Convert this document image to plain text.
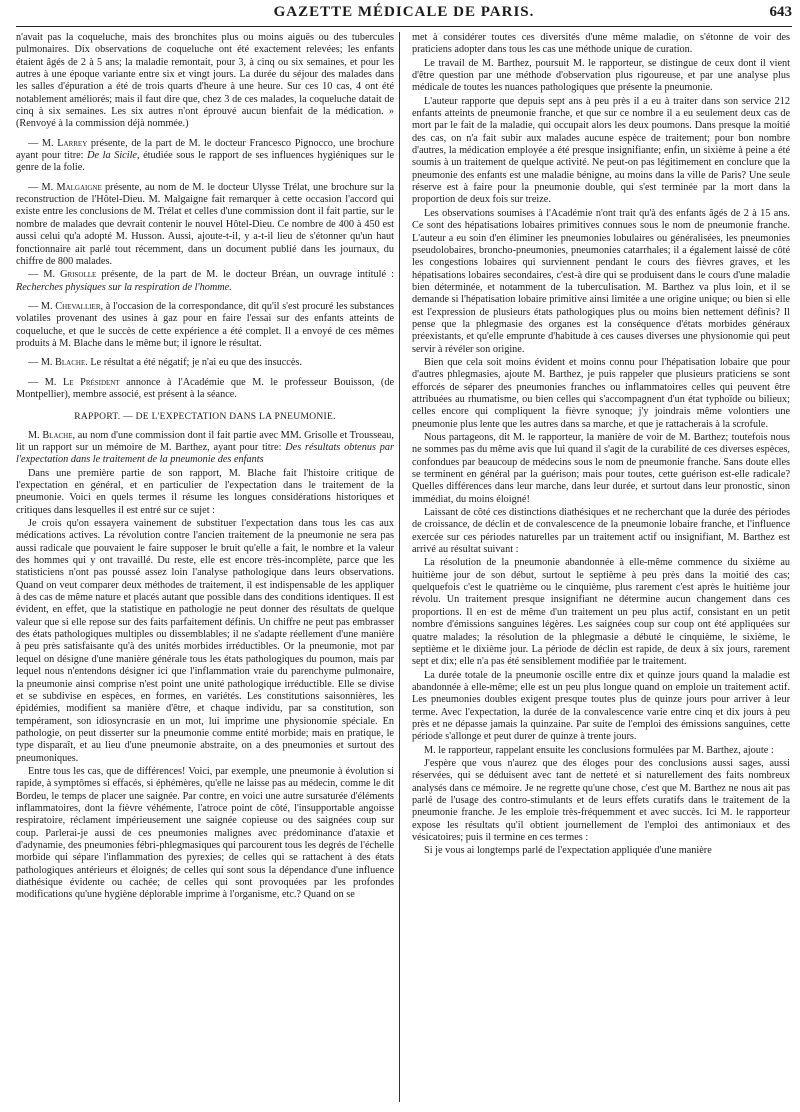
GAZETTE MÉDICALE DE PARIS.	643

n'avait pas la coqueluche, mais des bronchites plus ou moins aiguës ou des tubercules pulmonaires. Dix observations de coqueluche ont été exactement relevées; les enfants étaient âgés de 2 à 5 ans; la maladie remontait, pour 3, à cinq ou six semaines, et pour les autres à une époque variante entre six et vingt jours. La durée du séjour des malades dans les salles d'épuration a été de trois quarts d'heure à une heure. Sur ces 10 cas, 4 ont été notablement améliorés; mais il faut dire que, chez 3 de ces malades, la coqueluche datait de cinq à six semaines. Les six autres n'ont éprouvé aucun bienfait de la médication. » (Renvoyé à la commission déjà nommée.)

— M. Larrey présente, de la part de M. le docteur Francesco Pignocco, une brochure ayant pour titre: De la Sicile, étudiée sous le rapport de ses influences hygiéniques sur le genre de la folie.

— M. Malgaigne présente, au nom de M. le docteur Ulysse Trélat, une brochure sur la reconstruction de l'Hôtel-Dieu. M. Malgaigne fait remarquer à cette occasion l'accord qui existe entre les conclusions de M. Trélat et celles d'une commission dont il fait partie, sur le nombre de malades que devrait contenir le nouvel Hôtel-Dieu. Ce nombre de 400 à 450 est aussi celui qu'a adopté M. Husson. Aussi, ajoute-t-il, y a-t-il lieu de s'étonner qu'un haut fonctionnaire ait parlé tout récemment, dans un document publié dans les journaux, du chiffre de 800 malades.

— M. Grisolle présente, de la part de M. le docteur Bréan, un ouvrage intitulé : Recherches physiques sur la respiration de l'homme.

— M. Chevallier, à l'occasion de la correspondance, dit qu'il s'est procuré les substances volatiles provenant des usines à gaz pour en faire l'essai sur des enfants atteints de coqueluche, et que le succès de cette expérience a été complet. Il a envoyé de ces mêmes produits à M. Blache dans le même but; il ignore le résultat.

— M. Blache. Le résultat a été négatif; je n'ai eu que des insuccès.

— M. Le Président annonce à l'Académie que M. le professeur Bouisson, (de Montpellier), membre associé, est présent à la séance.

RAPPORT. — DE L'EXPECTATION DANS LA PNEUMONIE.

M. Blache, au nom d'une commission dont il fait partie avec MM. Grisolle et Trousseau, lit un rapport sur un mémoire de M. Barthez, ayant pour titre: Des résultats obtenus par l'expectation dans le traitement de la pneumonie des enfants

Dans une première partie de son rapport, M. Blache fait l'histoire critique de l'expectation en général, et en particulier de l'expectation dans le traitement de la pneumonie. Voici en quels termes il résume les longues considérations historiques et critiques dans lesquelles il est entré sur ce sujet :

Je crois qu'on essayera vainement de substituer l'expectation dans tous les cas aux médications actives. La révolution contre l'ancien traitement de la pneumonie ne sera pas aussi radicale que pouvaient le faire supposer le bruit qu'elle a fait, le nombre et la valeur des hommes qui y ont travaillé. Du reste, elle est encore très-incomplète, parce que les statisticiens n'ont pas poussé assez loin l'analyse pathologique dans leurs observations. Quand on veut comparer deux méthodes de traitement, il est indispensable de les appliquer à des cas de même nature et placés autant que possible dans des conditions identiques. Il est évident, en effet, que la statistique en pathologie ne peut donner des résultats de quelque valeur que si elle repose sur des faits parfaitement définis. Un chiffre ne peut pas embrasser des états pathologiques multiples ou dissemblables; il ne s'adapte réellement d'une manière à peu près satisfaisante qu'à des unités morbides irréductibles. Or la pneumonie, mot par lequel on désigne d'une manière générale tous les états pathologiques du poumon, mais par lequel nous n'entendons désigner ici que l'inflammation vraie du parenchyme pulmonaire, la pneumonie ainsi comprise n'est point une unité pathologique irréductible. Elle se divise et se subdivise en espèces, en formes, en variétés. Les constitutions saisonnières, les épidémies, modifient sa manière d'être, et chaque individu, par sa constitution, son tempérament, son idiosyncrasie en un mot, lui imprime une physionomie spéciale. En pathologie, on peut disserter sur la pneumonie comme entité morbide; mais en pratique, le type disparaît, et au lieu d'une pneumonie abstraite, on a des pneumonies et surtout des pneumoniques.

Entre tous les cas, que de différences! Voici, par exemple, une pneumonie à évolution si rapide, à symptômes si effacés, si éphémères, qu'elle ne laisse pas au médecin, comme le dit Bordeu, le temps de placer une saignée. Par contre, en voici une autre sursaturée d'éléments inflammatoires, dont la fièvre véhémente, l'atroce point de côté, l'insupportable angoisse respiratoire, réclament impérieusement une saignée copieuse ou des saignées coup sur coup. Parlerai-je aussi de ces pneumonies malignes avec prédominance d'ataxie et d'adynamie, des pneumonies fébri-phlegmasiques qui parcourent tous les degrés de l'échelle morbide qui sépare l'inflammation des pyrexies; de celles qui se rattachent à des états pathologiques antérieurs et éloignés; de celles qui sont sous la dépendance d'une influence diathésique évidente ou cachée; de celles qui sont provoquées par les profondes modifications qu'une hygiène déplorable imprime à l'organisme, etc.? Quand on se

met à considérer toutes ces diversités d'une même maladie, on s'étonne de voir des praticiens adopter dans tous les cas une méthode unique de curation.

Le travail de M. Barthez, poursuit M. le rapporteur, se distingue de ceux dont il vient d'être question par une méthode d'observation plus rigoureuse, et par une analyse plus médicale de toutes les nuances pathologiques que présente la pneumonie.

L'auteur rapporte que depuis sept ans à peu près il a eu à traiter dans son service 212 enfants atteints de pneumonie franche, et que sur ce nombre il a eu seulement deux cas de mort par le fait de la maladie, qui occupait alors les deux poumons. Dans presque la moitié des cas, on n'a fait subir aux malades aucune espèce de traitement; pour bon nombre d'autres, la médication employée a été presque insignifiante; enfin, un sixième à peine a été soumis à un traitement de quelque activité. Ne peut-on pas légitimement en conclure que la pneumonie des enfants est une maladie bénigne, au moins dans la ville de Paris? Une seule réserve est à faire pour la pneumonie double, qui s'est terminée par la mort dans la proportion de deux fois sur treize.

Les observations soumises à l'Académie n'ont trait qu'à des enfants âgés de 2 à 15 ans. Ce sont des hépatisations lobaires primitives connues sous le nom de pneumonie franche. L'auteur a eu soin d'en éliminer les pneumonies lobulaires ou généralisées, les pneumonies pseudolobaires, broncho-pneumonies, pneumonies catarrhales; il a également laissé de côté les congestions lobaires qui surviennent pendant le cours des fièvres graves, et les hépatisations lobaires secondaires, c'est-à dire qui se produisent dans le cours d'une maladie bien déterminée, et notamment de la tuberculisation. M. Barthez va plus loin, et il se demande si l'hépatisation lobaire primitive ainsi limitée a une origine unique; ou bien si elle est l'expression de plusieurs états pathologiques plus ou moins bien nettement définis? Il pense que la phlegmasie des organes est la conséquence d'états morbides généraux préexistants, et qu'elle emprunte d'habitude à ces causes diverses une physionomie qui peut servir à révéler son origine.

Bien que cela soit moins évident et moins connu pour l'hépatisation lobaire que pour d'autres phlegmasies, ajoute M. Barthez, je puis rappeler que plusieurs praticiens se sont efforcés de séparer des pneumonies franches ou inflammatoires celles qui peuvent être attribuées au rhumatisme, ou bien celles qui s'accompagnent d'un état typhoïde ou bilieux; celles encore qui compliquent la fièvre synoque; j'y joindrais même volontiers une pneumonie plus lente que les autres dans sa marche, et que je rattacherais à la scrofule.

Nous partageons, dit M. le rapporteur, la manière de voir de M. Barthez; toutefois nous ne sommes pas du même avis que lui quand il s'agit de la curabilité de ces diverses espèces, confondues par beaucoup de médecins sous le nom de pneumonie franche. Sans doute elles se terminent en général par la guérison; mais pour toutes, cette guérison est-elle radicale? Quelles différences dans leur marche, dans leur durée, et surtout dans leur pronostic, sinon immédiat, du moins éloigné!

Laissant de côté ces distinctions diathésiques et ne recherchant que la durée des périodes de croissance, de déclin et de convalescence de la pneumonie lobaire franche, et l'influence exercée sur ces périodes naturelles par un traitement actif ou insignifiant, M. Barthez est arrivé au résultat suivant :

La résolution de la pneumonie abandonnée à elle-même commence du sixième au huitième jour de son début, surtout le septième à peu près dans la moitié des cas; quelquefois c'est le quatrième ou le cinquième, plus rarement c'est après le huitième jour révolu. Un traitement presque insignifiant ne détermine aucun changement dans ces proportions. Il en est de même d'un traitement un peu plus actif, consistant en un petit nombre d'émissions sanguines légères. Les saignées coup sur coup ont été appliquées sur quatre malades; la résolution de la phlegmasie a débuté le cinquième, le sixième, le septième et le dixième jour. La période de déclin est rapide, de deux à six jours, rarement sept et dix; elle n'a pas été sensiblement modifiée par le traitement.

La durée totale de la pneumonie oscille entre dix et quinze jours quand la maladie est abandonnée à elle-même; elle est un peu plus longue quand on emploie un traitement actif. Les pneumonies doubles exigent presque toutes plus de quinze jours pour arriver à leur terme. Avec l'expectation, la durée de la convalescence varie entre cinq et dix jours à peu près et ne dépasse jamais la quinzaine. Par suite de l'emploi des émissions sanguines, cette période s'allonge et peut durer de quinze à trente jours.

M. le rapporteur, rappelant ensuite les conclusions formulées par M. Barthez, ajoute :

J'espère que vous n'aurez que des éloges pour des conclusions aussi sages, aussi réservées, qui se déduisent avec tant de netteté et si naturellement des faits nombreux analysés dans ce mémoire. Je ne regrette qu'une chose, c'est que M. Barthez ne nous ait pas parlé de l'usage des contro-stimulants et de leurs effets curatifs dans le traitement de la pneumonie franche. Je les emploie très-fréquemment et avec succès. Ici M. le rapporteur expose les résultats qu'il obtient journellement de l'emploi des antimoniaux et des vésicatoires; puis il termine en ces termes :

Si je vous ai longtemps parlé de l'expectation appliquée d'une manière
